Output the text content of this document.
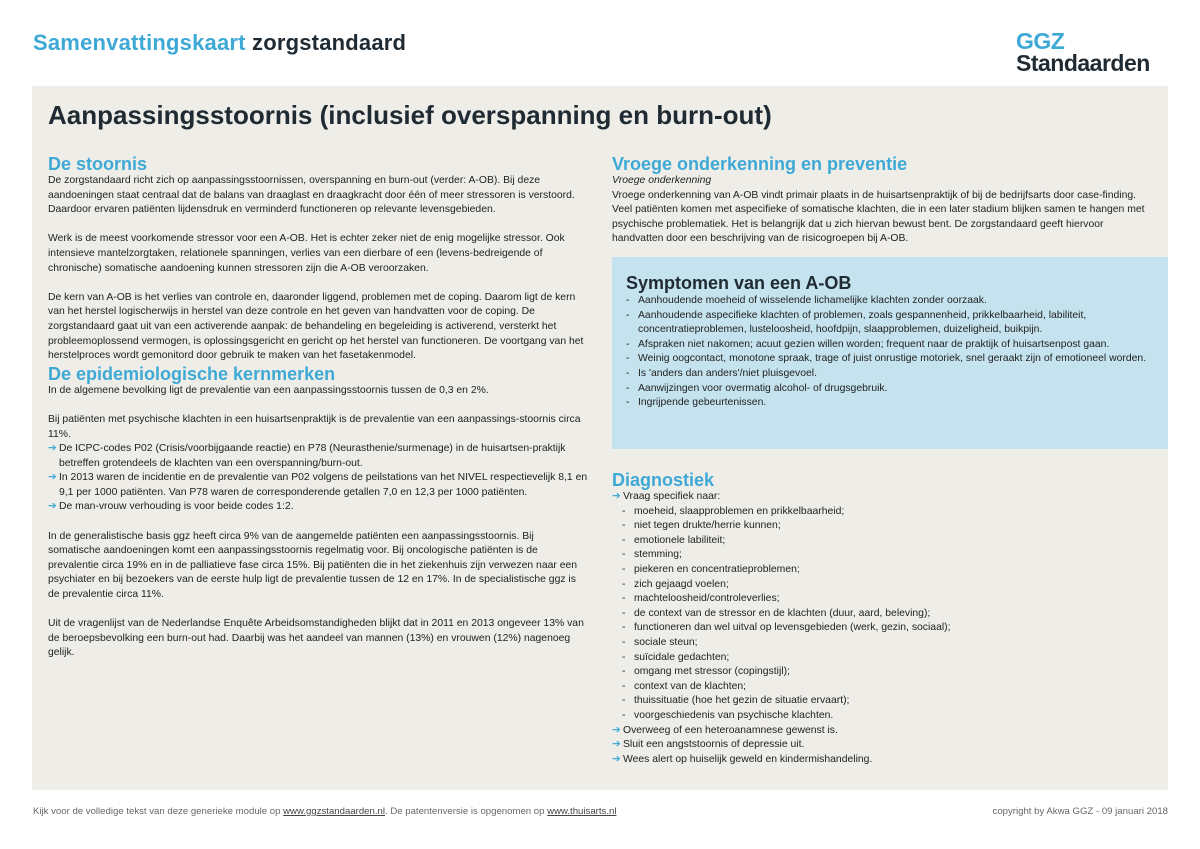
Samenvattingskaart zorgstandaard	GGZ
Standaarden
Aanpassingsstoornis (inclusief overspanning en burn-out)
De stoornis

De zorgstandaard richt zich op aanpassingsstoornissen, overspanning en burn-out (verder: A-OB). Bij deze aandoeningen staat centraal dat de balans van draaglast en draagkracht door één of meer stressoren is verstoord. Daardoor ervaren patiënten lijdensdruk en verminderd functioneren op relevante levensgebieden.

Werk is de meest voorkomende stressor voor een A-OB. Het is echter zeker niet de enig mogelijke stressor. Ook intensieve mantelzorgtaken, relationele spanningen, verlies van een dierbare of een (levens-bedreigende of chronische) somatische aandoening kunnen stressoren zijn die A-OB veroorzaken.

De kern van A-OB is het verlies van controle en, daaronder liggend, problemen met de coping. Daarom ligt de kern van het herstel logischerwijs in herstel van deze controle en het geven van handvatten voor de coping. De zorgstandaard gaat uit van een activerende aanpak: de behandeling en begeleiding is activerend, versterkt het probleemoplossend vermogen, is oplossingsgericht en gericht op het herstel van functioneren. De voortgang van het herstelproces wordt gemonitord door gebruik te maken van het fasetakenmodel.

De epidemiologische kernmerken

In de algemene bevolking ligt de prevalentie van een aanpassingsstoornis tussen de 0,3 en 2%.

Bij patiënten met psychische klachten in een huisartsenpraktijk is de prevalentie van een aanpassings-stoornis circa 11%.

➔ De ICPC-codes P02 (Crisis/voorbijgaande reactie) en P78 (Neurasthenie/surmenage) in de huisartsen-praktijk betreffen grotendeels de klachten van een overspanning/burn-out.
➔ In 2013 waren de incidentie en de prevalentie van P02 volgens de peilstations van het NIVEL respectievelijk 8,1 en 9,1 per 1000 patiënten. Van P78 waren de corresponderende getallen 7,0 en 12,3 per 1000 patiënten.
➔ De man-vrouw verhouding is voor beide codes 1:2.

In de generalistische basis ggz heeft circa 9% van de aangemelde patiënten een aanpassingsstoornis. Bij somatische aandoeningen komt een aanpassingsstoornis regelmatig voor. Bij oncologische patiënten is de prevalentie circa 19% en in de palliatieve fase circa 15%. Bij patiënten die in het ziekenhuis zijn verwezen naar een psychiater en bij bezoekers van de eerste hulp ligt de prevalentie tussen de 12 en 17%. In de specialistische ggz is de prevalentie circa 11%.

Uit de vragenlijst van de Nederlandse Enquête Arbeidsomstandigheden blijkt dat in 2011 en 2013 ongeveer 13% van de beroepsbevolking een burn-out had. Daarbij was het aandeel van mannen (13%) en vrouwen (12%) nagenoeg gelijk.

Vroege onderkenning en preventie

Vroege onderkenning

Vroege onderkenning van A-OB vindt primair plaats in de huisartsenpraktijk of bij de bedrijfsarts door case-finding. Veel patiënten komen met aspecifieke of somatische klachten, die in een later stadium blijken samen te hangen met psychische problematiek. Het is belangrijk dat u zich hiervan bewust bent. De zorgstandaard geeft hiervoor handvatten door een beschrijving van de risicogroepen bij A-OB.

Symptomen van een A-OB
- Aanhoudende moeheid of wisselende lichamelijke klachten zonder oorzaak.
- Aanhoudende aspecifieke klachten of problemen, zoals gespannenheid, prikkelbaarheid, labiliteit, concentratieproblemen, lusteloosheid, hoofdpijn, slaapproblemen, duizeligheid, buikpijn.
- Afspraken niet nakomen; acuut gezien willen worden; frequent naar de praktijk of huisartsenpost gaan.
- Weinig oogcontact, monotone spraak, trage of juist onrustige motoriek, snel geraakt zijn of emotioneel worden.
- Is 'anders dan anders'/niet pluisgevoel.
- Aanwijzingen voor overmatig alcohol- of drugsgebruik.
- Ingrijpende gebeurtenissen.
Diagnostiek
➔ Vraag specifiek naar:
- moeheid, slaapproblemen en prikkelbaarheid;
- niet tegen drukte/herrie kunnen;
- emotionele labiliteit;
- stemming;
- piekeren en concentratieproblemen;
- zich gejaagd voelen;
- machteloosheid/controleverlies;
- de context van de stressor en de klachten (duur, aard, beleving);
- functioneren dan wel uitval op levensgebieden (werk, gezin, sociaal);
- sociale steun;
- suïcidale gedachten;
- omgang met stressor (copingstijl);
- context van de klachten;
- thuissituatie (hoe het gezin de situatie ervaart);
- voorgeschiedenis van psychische klachten.
➔ Overweeg of een heteroanamnese gewenst is.
➔ Sluit een angststoornis of depressie uit.
➔ Wees alert op huiselijk geweld en kindermishandeling.
Kijk voor de volledige tekst van deze generieke module op www.ggzstandaarden.nl. De patentenversie is opgenomen op www.thuisarts.nl	copyright by Akwa GGZ - 09 januari 2018
